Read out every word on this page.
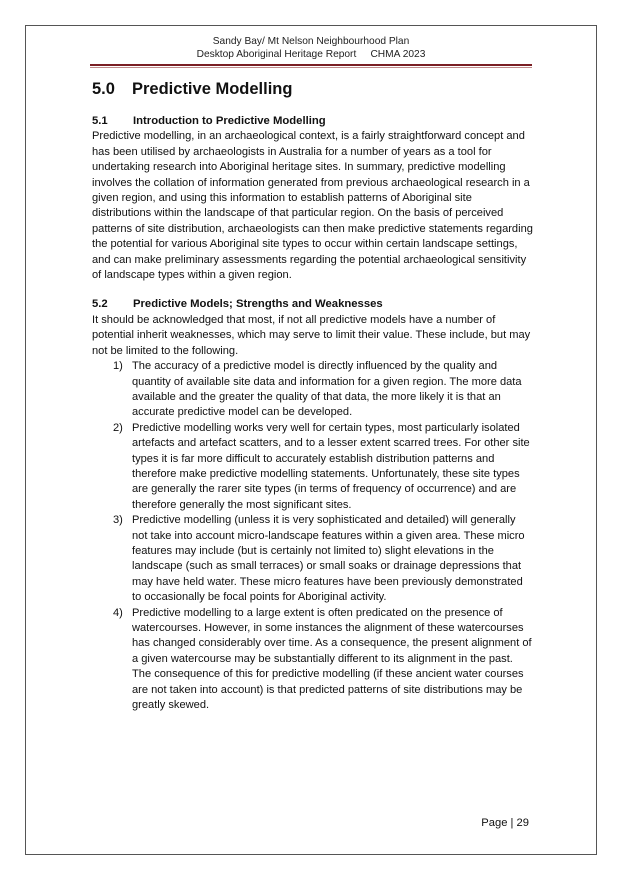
Sandy Bay/ Mt Nelson Neighbourhood Plan
Desktop Aboriginal Heritage Report CHMA 2023
5.0 Predictive Modelling
5.1 Introduction to Predictive Modelling

Predictive modelling, in an archaeological context, is a fairly straightforward concept and has been utilised by archaeologists in Australia for a number of years as a tool for undertaking research into Aboriginal heritage sites. In summary, predictive modelling involves the collation of information generated from previous archaeological research in a given region, and using this information to establish patterns of Aboriginal site distributions within the landscape of that particular region. On the basis of perceived patterns of site distribution, archaeologists can then make predictive statements regarding the potential for various Aboriginal site types to occur within certain landscape settings, and can make preliminary assessments regarding the potential archaeological sensitivity of landscape types within a given region.

5.2 Predictive Models; Strengths and Weaknesses

It should be acknowledged that most, if not all predictive models have a number of potential inherit weaknesses, which may serve to limit their value. These include, but may not be limited to the following.

1) The accuracy of a predictive model is directly influenced by the quality and quantity of available site data and information for a given region. The more data available and the greater the quality of that data, the more likely it is that an accurate predictive model can be developed.
2) Predictive modelling works very well for certain types, most particularly isolated artefacts and artefact scatters, and to a lesser extent scarred trees. For other site types it is far more difficult to accurately establish distribution patterns and therefore make predictive modelling statements. Unfortunately, these site types are generally the rarer site types (in terms of frequency of occurrence) and are therefore generally the most significant sites.
3) Predictive modelling (unless it is very sophisticated and detailed) will generally not take into account micro-landscape features within a given area. These micro features may include (but is certainly not limited to) slight elevations in the landscape (such as small terraces) or small soaks or drainage depressions that may have held water. These micro features have been previously demonstrated to occasionally be focal points for Aboriginal activity.
4) Predictive modelling to a large extent is often predicated on the presence of watercourses. However, in some instances the alignment of these watercourses has changed considerably over time. As a consequence, the present alignment of a given watercourse may be substantially different to its alignment in the past. The consequence of this for predictive modelling (if these ancient water courses are not taken into account) is that predicted patterns of site distributions may be greatly skewed.
Page | 29
